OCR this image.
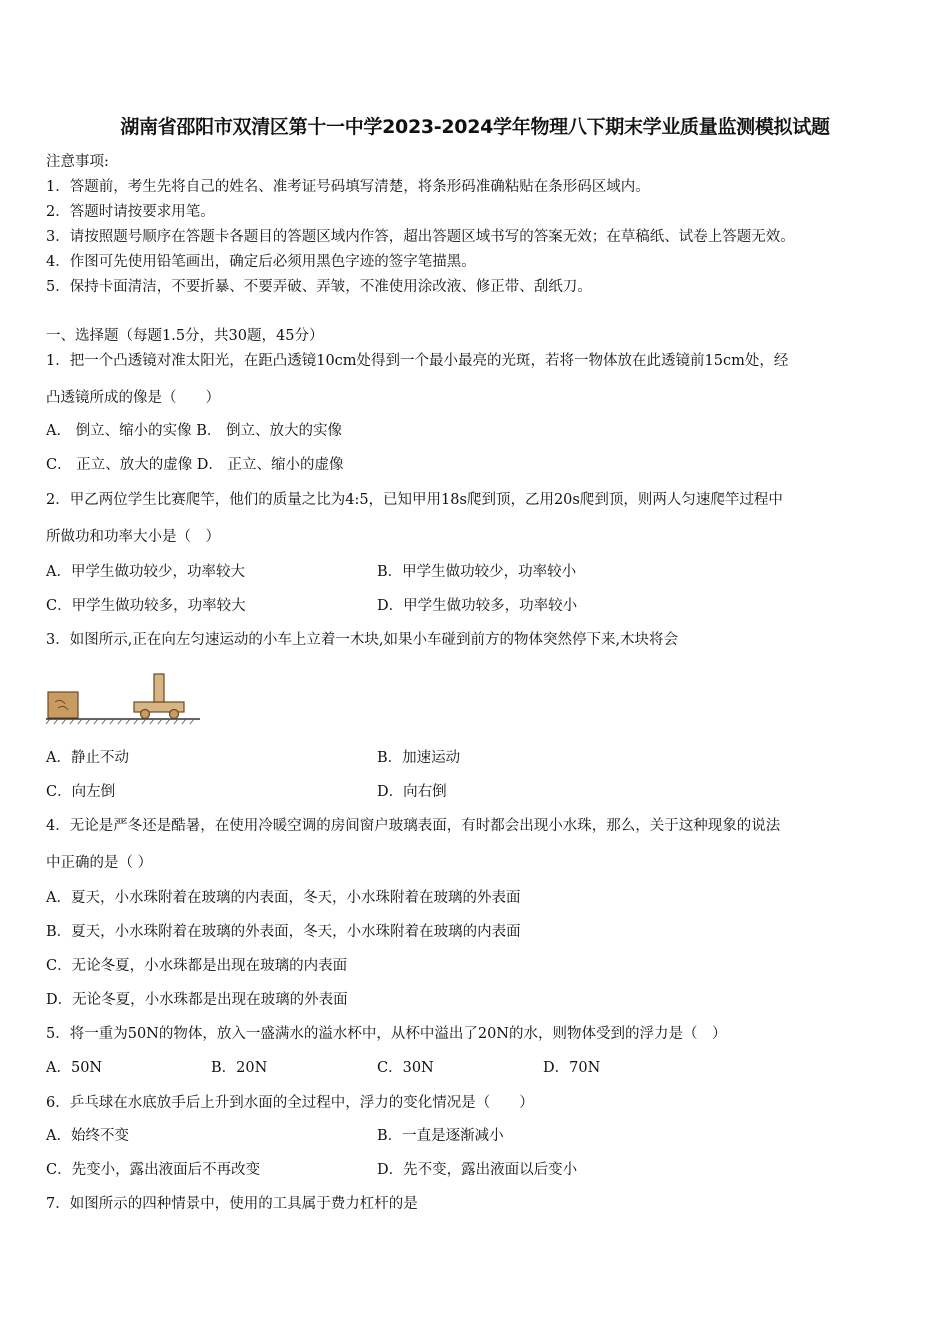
湖南省邵阳市双清区第十一中学2023-2024学年物理八下期末学业质量监测模拟试题
注意事项:
1．答题前，考生先将自己的姓名、准考证号码填写清楚，将条形码准确粘贴在条形码区域内。
2．答题时请按要求用笔。
3．请按照题号顺序在答题卡各题目的答题区域内作答，超出答题区域书写的答案无效；在草稿纸、试卷上答题无效。
4．作图可先使用铅笔画出，确定后必须用黑色字迹的签字笔描黑。
5．保持卡面清洁，不要折暴、不要弄破、弄皱，不准使用涂改液、修正带、刮纸刀。
一、选择题（每题1.5分，共30题，45分）
1．把一个凸透镜对准太阳光，在距凸透镜10cm处得到一个最小最亮的光斑，若将一物体放在此透镜前15cm处，经
凸透镜所成的像是（　　）
A． 倒立、缩小的实像 B． 倒立、放大的实像
C． 正立、放大的虚像 D． 正立、缩小的虚像
2．甲乙两位学生比赛爬竿，他们的质量之比为4:5，已知甲用18s爬到顶，乙用20s爬到顶，则两人匀速爬竿过程中
所做功和功率大小是（　）
A．甲学生做功较少，功率较大	B．甲学生做功较少，功率较小
C．甲学生做功较多，功率较大	D．甲学生做功较多，功率较小
3．如图所示,正在向左匀速运动的小车上立着一木块,如果小车碰到前方的物体突然停下来,木块将会
A．静止不动	B．加速运动
C．向左倒	D．向右倒
4．无论是严冬还是酷暑，在使用冷暖空调的房间窗户玻璃表面，有时都会出现小水珠，那么，关于这种现象的说法
中正确的是（ ）
A．夏天，小水珠附着在玻璃的内表面，冬天，小水珠附着在玻璃的外表面
B．夏天，小水珠附着在玻璃的外表面，冬天，小水珠附着在玻璃的内表面
C．无论冬夏，小水珠都是出现在玻璃的内表面
D．无论冬夏，小水珠都是出现在玻璃的外表面
5．将一重为50N的物体，放入一盛满水的溢水杯中，从杯中溢出了20N的水，则物体受到的浮力是（　）
A．50N	B．20N	C．30N	D．70N
6．乒乓球在水底放手后上升到水面的全过程中，浮力的变化情况是（　　）
A．始终不变	B．一直是逐渐减小
C．先变小，露出液面后不再改变	D．先不变，露出液面以后变小
7．如图所示的四种情景中，使用的工具属于费力杠杆的是
